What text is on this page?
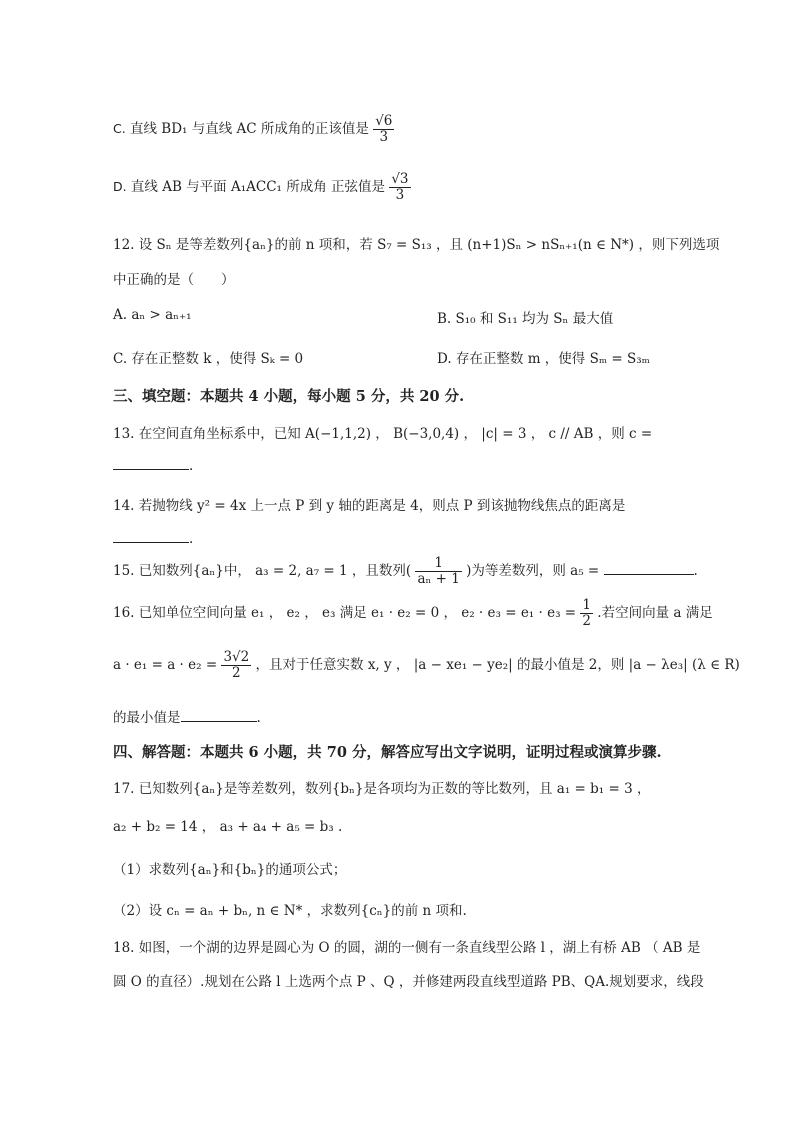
C. 直线 BD₁ 与直线 AC 所成角的正该值是 $\frac{√6}{3}$
D. 直线 AB 与平面 A₁ACC₁ 所成角 正弦值是 $\frac{√3}{3}$
12. 设 Sₙ 是等差数列{aₙ}的前 n 项和，若 S₇ = S₁₃ ，且 (n+1)Sₙ > nSₙ₊₁(n ∈ N*) ，则下列选项
中正确的是（　　）
A. aₙ > aₙ₊₁	B. S₁₀ 和 S₁₁ 均为 Sₙ 最大值
C. 存在正整数 k ，使得 Sₖ = 0	D. 存在正整数 m ，使得 Sₘ = S₃ₘ
三、填空题：本题共 4 小题，每小题 5 分，共 20 分.
13. 在空间直角坐标系中，已知 A(−1,1,2) ， B(−3,0,4) ， |c| = 3 ， c // AB ，则 c =
.
14. 若抛物线 y² = 4x 上一点 P 到 y 轴的距离是 4，则点 P 到该抛物线焦点的距离是
.
15. 已知数列{aₙ}中， a₃ = 2, a₇ = 1 ，且数列( $\frac{1}{\text{aₙ + 1}}$ )为等差数列，则 a₅ =	.
16. 已知单位空间向量 e₁ ， e₂ ， e₃ 满足 e₁ · e₂ = 0 ， $e_2 \cdot e_3 = e_1 \cdot e_3 = \frac{1}{2}$ .若空间向量 a 满足
$a \cdot e_1 = a \cdot e_2 = \frac{3√2}{2}$ ，且对于任意实数 x, y ， |a − xe₁ − ye₂| 的最小值是 2，则 |a − λe₃| (λ ∈ R)
的最小值是	.
四、解答题：本题共 6 小题，共 70 分，解答应写出文字说明，证明过程或演算步骤.
17. 已知数列{aₙ}是等差数列，数列{bₙ}是各项均为正数的等比数列，且 a₁ = b₁ = 3 ，
a₂ + b₂ = 14 ， a₃ + a₄ + a₅ = b₃ .
（1）求数列{aₙ}和{bₙ}的通项公式；
（2）设 cₙ = aₙ + bₙ, n ∈ N* ，求数列{cₙ}的前 n 项和.
18. 如图，一个湖的边界是圆心为 O 的圆，湖的一侧有一条直线型公路 l ，湖上有桥 AB （ AB 是
圆 O 的直径）.规划在公路 l 上选两个点 P 、Q ，并修建两段直线型道路 PB、QA.规划要求，线段
